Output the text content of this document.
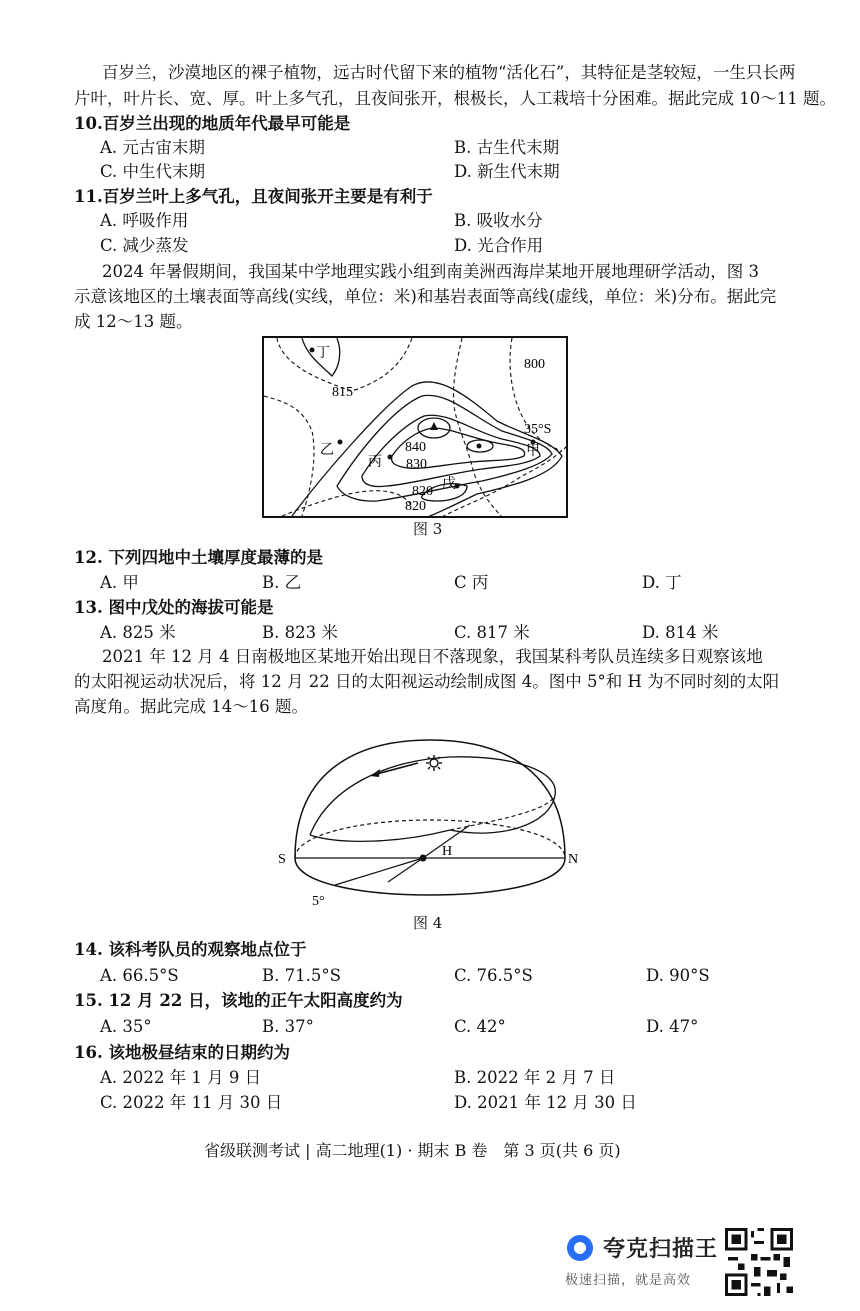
百岁兰，沙漠地区的裸子植物，远古时代留下来的植物“活化石”，其特征是茎较短，一生只长两
片叶，叶片长、宽、厚。叶上多气孔，且夜间张开，根极长，人工栽培十分困难。据此完成 10～11 题。
10.百岁兰出现的地质年代最早可能是
A. 元古宙末期	B. 古生代末期
C. 中生代末期	D. 新生代末期
11.百岁兰叶上多气孔，且夜间张开主要是有利于
A. 呼吸作用	B. 吸收水分
C. 减少蒸发	D. 光合作用
2024 年暑假期间，我国某中学地理实践小组到南美洲西海岸某地开展地理研学活动，图 3
示意该地区的土壤表面等高线(实线，单位：米)和基岩表面等高线(虚线，单位：米)分布。据此完
成 12～13 题。
丁
800
815
35°S
乙	840
丙 830
甲
戊
820
820
图 3
12. 下列四地中土壤厚度最薄的是
A. 甲	B. 乙	C 丙	D. 丁
13. 图中戊处的海拔可能是
A. 825 米	B. 823 米	C. 817 米	D. 814 米
2021 年 12 月 4 日南极地区某地开始出现日不落现象，我国某科考队员连续多日观察该地
的太阳视运动状况后，将 12 月 22 日的太阳视运动绘制成图 4。图中 5°和 H 为不同时刻的太阳
高度角。据此完成 14～16 题。
S	N
H
5°
图 4
14. 该科考队员的观察地点位于
A. 66.5°S	B. 71.5°S	C. 76.5°S	D. 90°S
15. 12 月 22 日，该地的正午太阳高度约为
A. 35°	B. 37°	C. 42°	D. 47°
16. 该地极昼结束的日期约为
A. 2022 年 1 月 9 日	B. 2022 年 2 月 7 日
C. 2022 年 11 月 30 日	D. 2021 年 12 月 30 日
省级联测考试 | 高二地理(1) · 期末 B 卷　第 3 页(共 6 页)
夸克扫描王
极速扫描，就是高效
